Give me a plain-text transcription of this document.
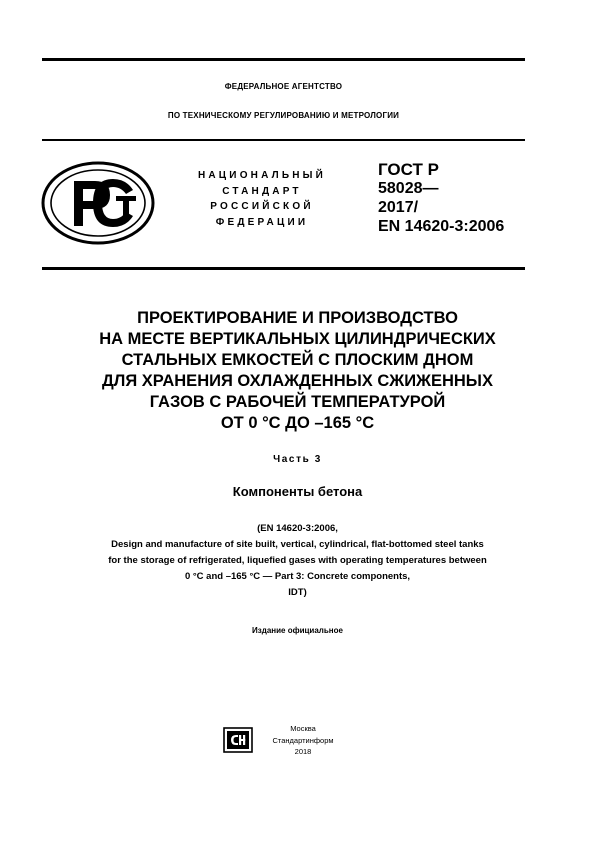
ФЕДЕРАЛЬНОЕ АГЕНТСТВО
ПО ТЕХНИЧЕСКОМУ РЕГУЛИРОВАНИЮ И МЕТРОЛОГИИ
НАЦИОНАЛЬНЫЙ
СТАНДАРТ
РОССИЙСКОЙ
ФЕДЕРАЦИИ
ГОСТ Р
58028—
2017/
EN 14620-3:2006
ПРОЕКТИРОВАНИЕ И ПРОИЗВОДСТВО
НА МЕСТЕ ВЕРТИКАЛЬНЫХ ЦИЛИНДРИЧЕСКИХ
СТАЛЬНЫХ ЕМКОСТЕЙ С ПЛОСКИМ ДНОМ
ДЛЯ ХРАНЕНИЯ ОХЛАЖДЕННЫХ СЖИЖЕННЫХ
ГАЗОВ С РАБОЧЕЙ ТЕМПЕРАТУРОЙ
ОТ 0 °С ДО –165 °С
Часть 3
Компоненты бетона
(EN 14620-3:2006,
Design and manufacture of site built, vertical, cylindrical, flat-bottomed steel tanks
for the storage of refrigerated, liquefied gases with operating temperatures between
0 °C and –165 °C — Part 3: Concrete components,
IDT)
Издание официальное
Москва
Стандартинформ
2018
